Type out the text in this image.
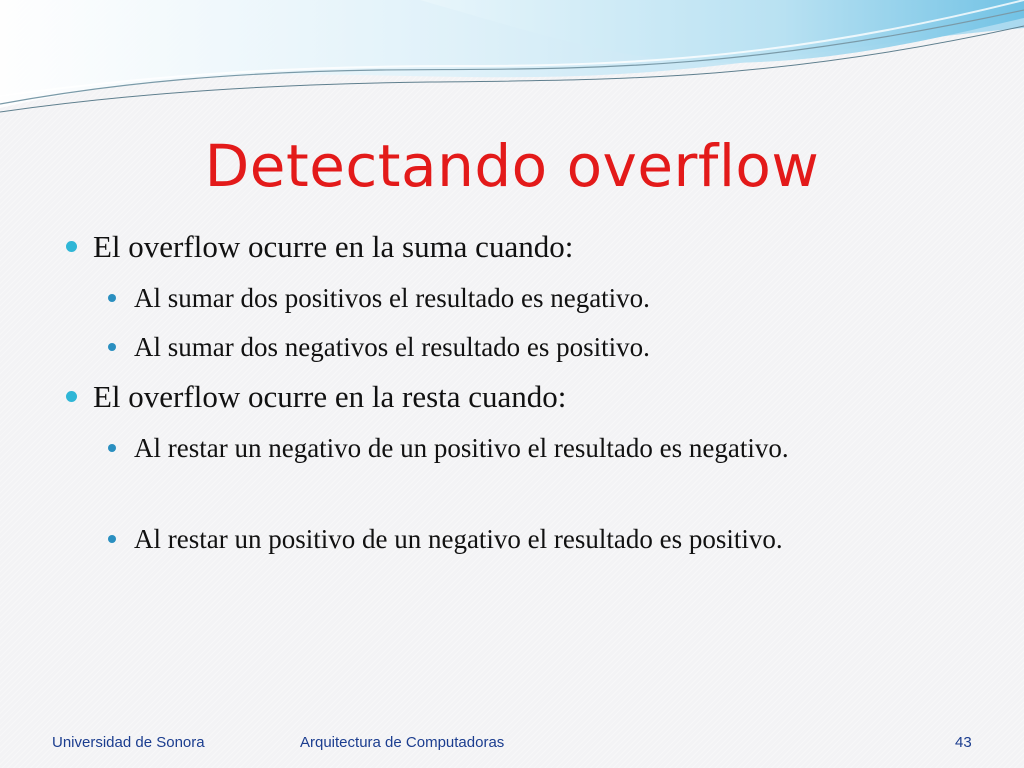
Detectando overflow
El overflow ocurre en la suma cuando:
Al sumar dos positivos el resultado es negativo.
Al sumar dos negativos el resultado es positivo.
El overflow ocurre en la resta cuando:
Al restar un negativo de un positivo el resultado es negativo.
Al restar un positivo de un negativo el resultado es positivo.
Universidad de Sonora	Arquitectura de Computadoras	43
